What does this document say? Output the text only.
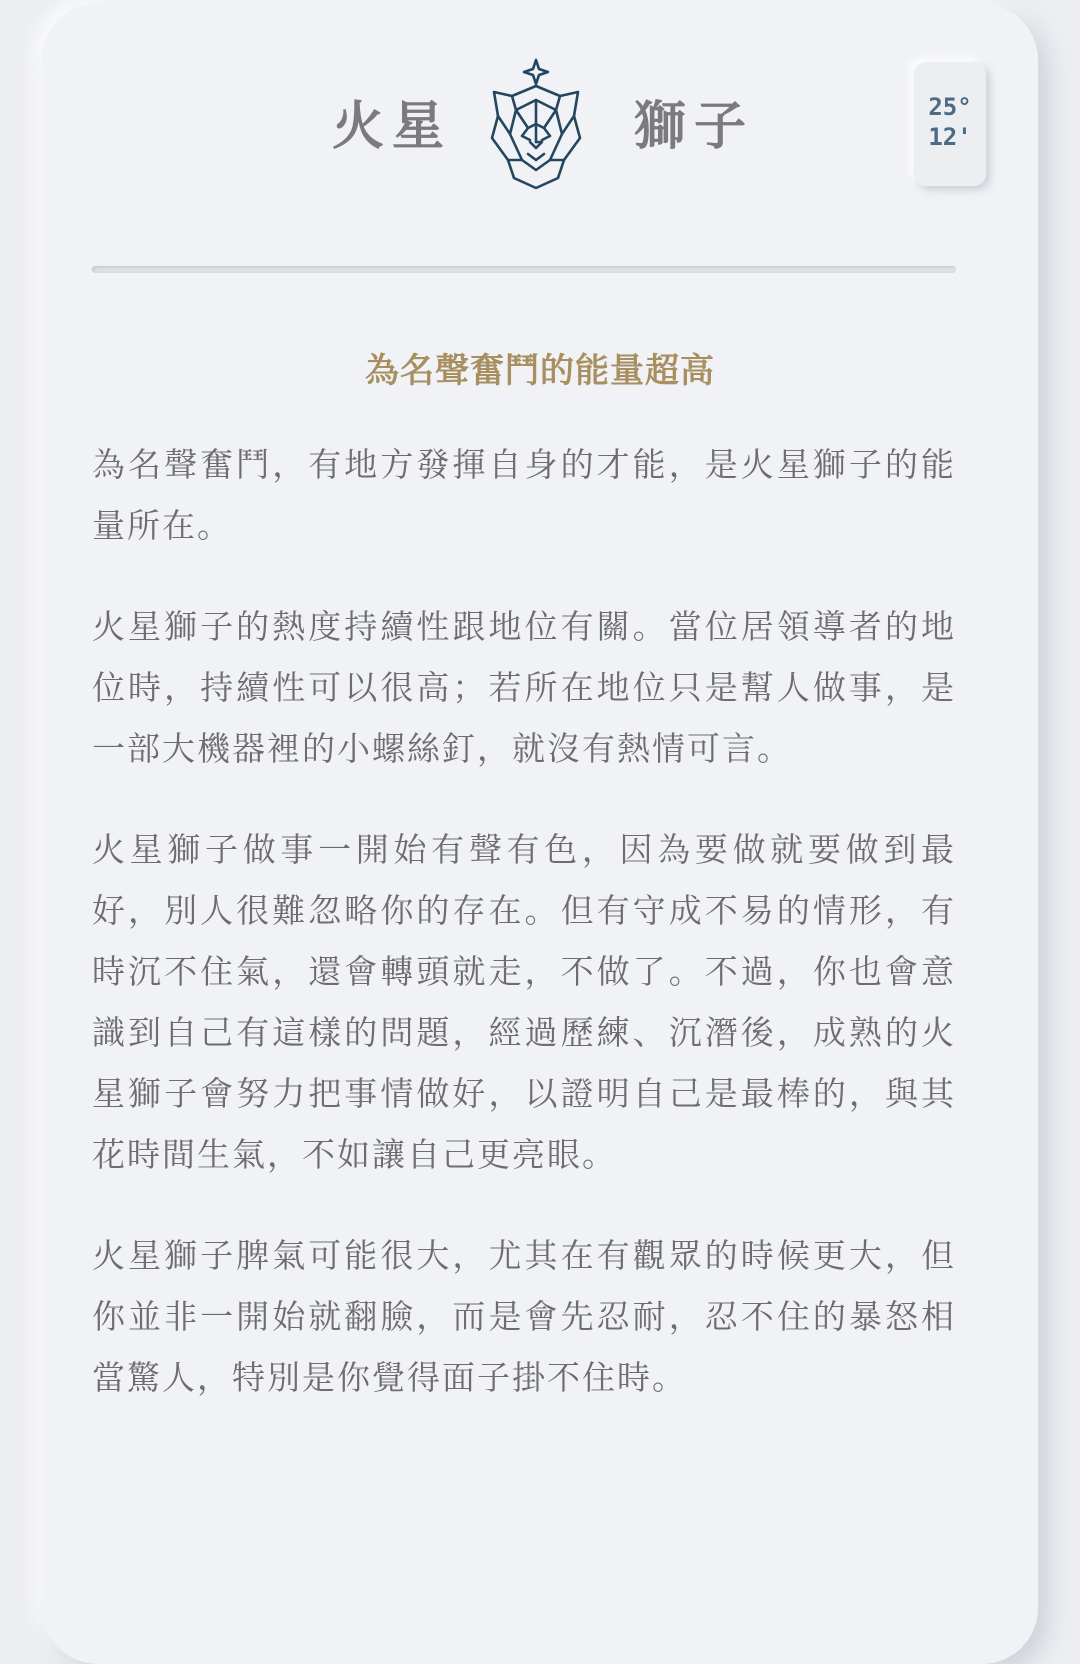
火星	獅子	25°
12'
為名聲奮鬥的能量超高

為名聲奮鬥，有地方發揮自身的才能，是火星獅子的能量所在。

火星獅子的熱度持續性跟地位有關。當位居領導者的地位時，持續性可以很高；若所在地位只是幫人做事，是一部大機器裡的小螺絲釘，就沒有熱情可言。

火星獅子做事一開始有聲有色，因為要做就要做到最好，別人很難忽略你的存在。但有守成不易的情形，有時沉不住氣，還會轉頭就走，不做了。不過，你也會意識到自己有這樣的問題，經過歷練、沉潛後，成熟的火星獅子會努力把事情做好，以證明自己是最棒的，與其花時間生氣，不如讓自己更亮眼。

火星獅子脾氣可能很大，尤其在有觀眾的時候更大，但你並非一開始就翻臉，而是會先忍耐，忍不住的暴怒相當驚人，特別是你覺得面子掛不住時。
